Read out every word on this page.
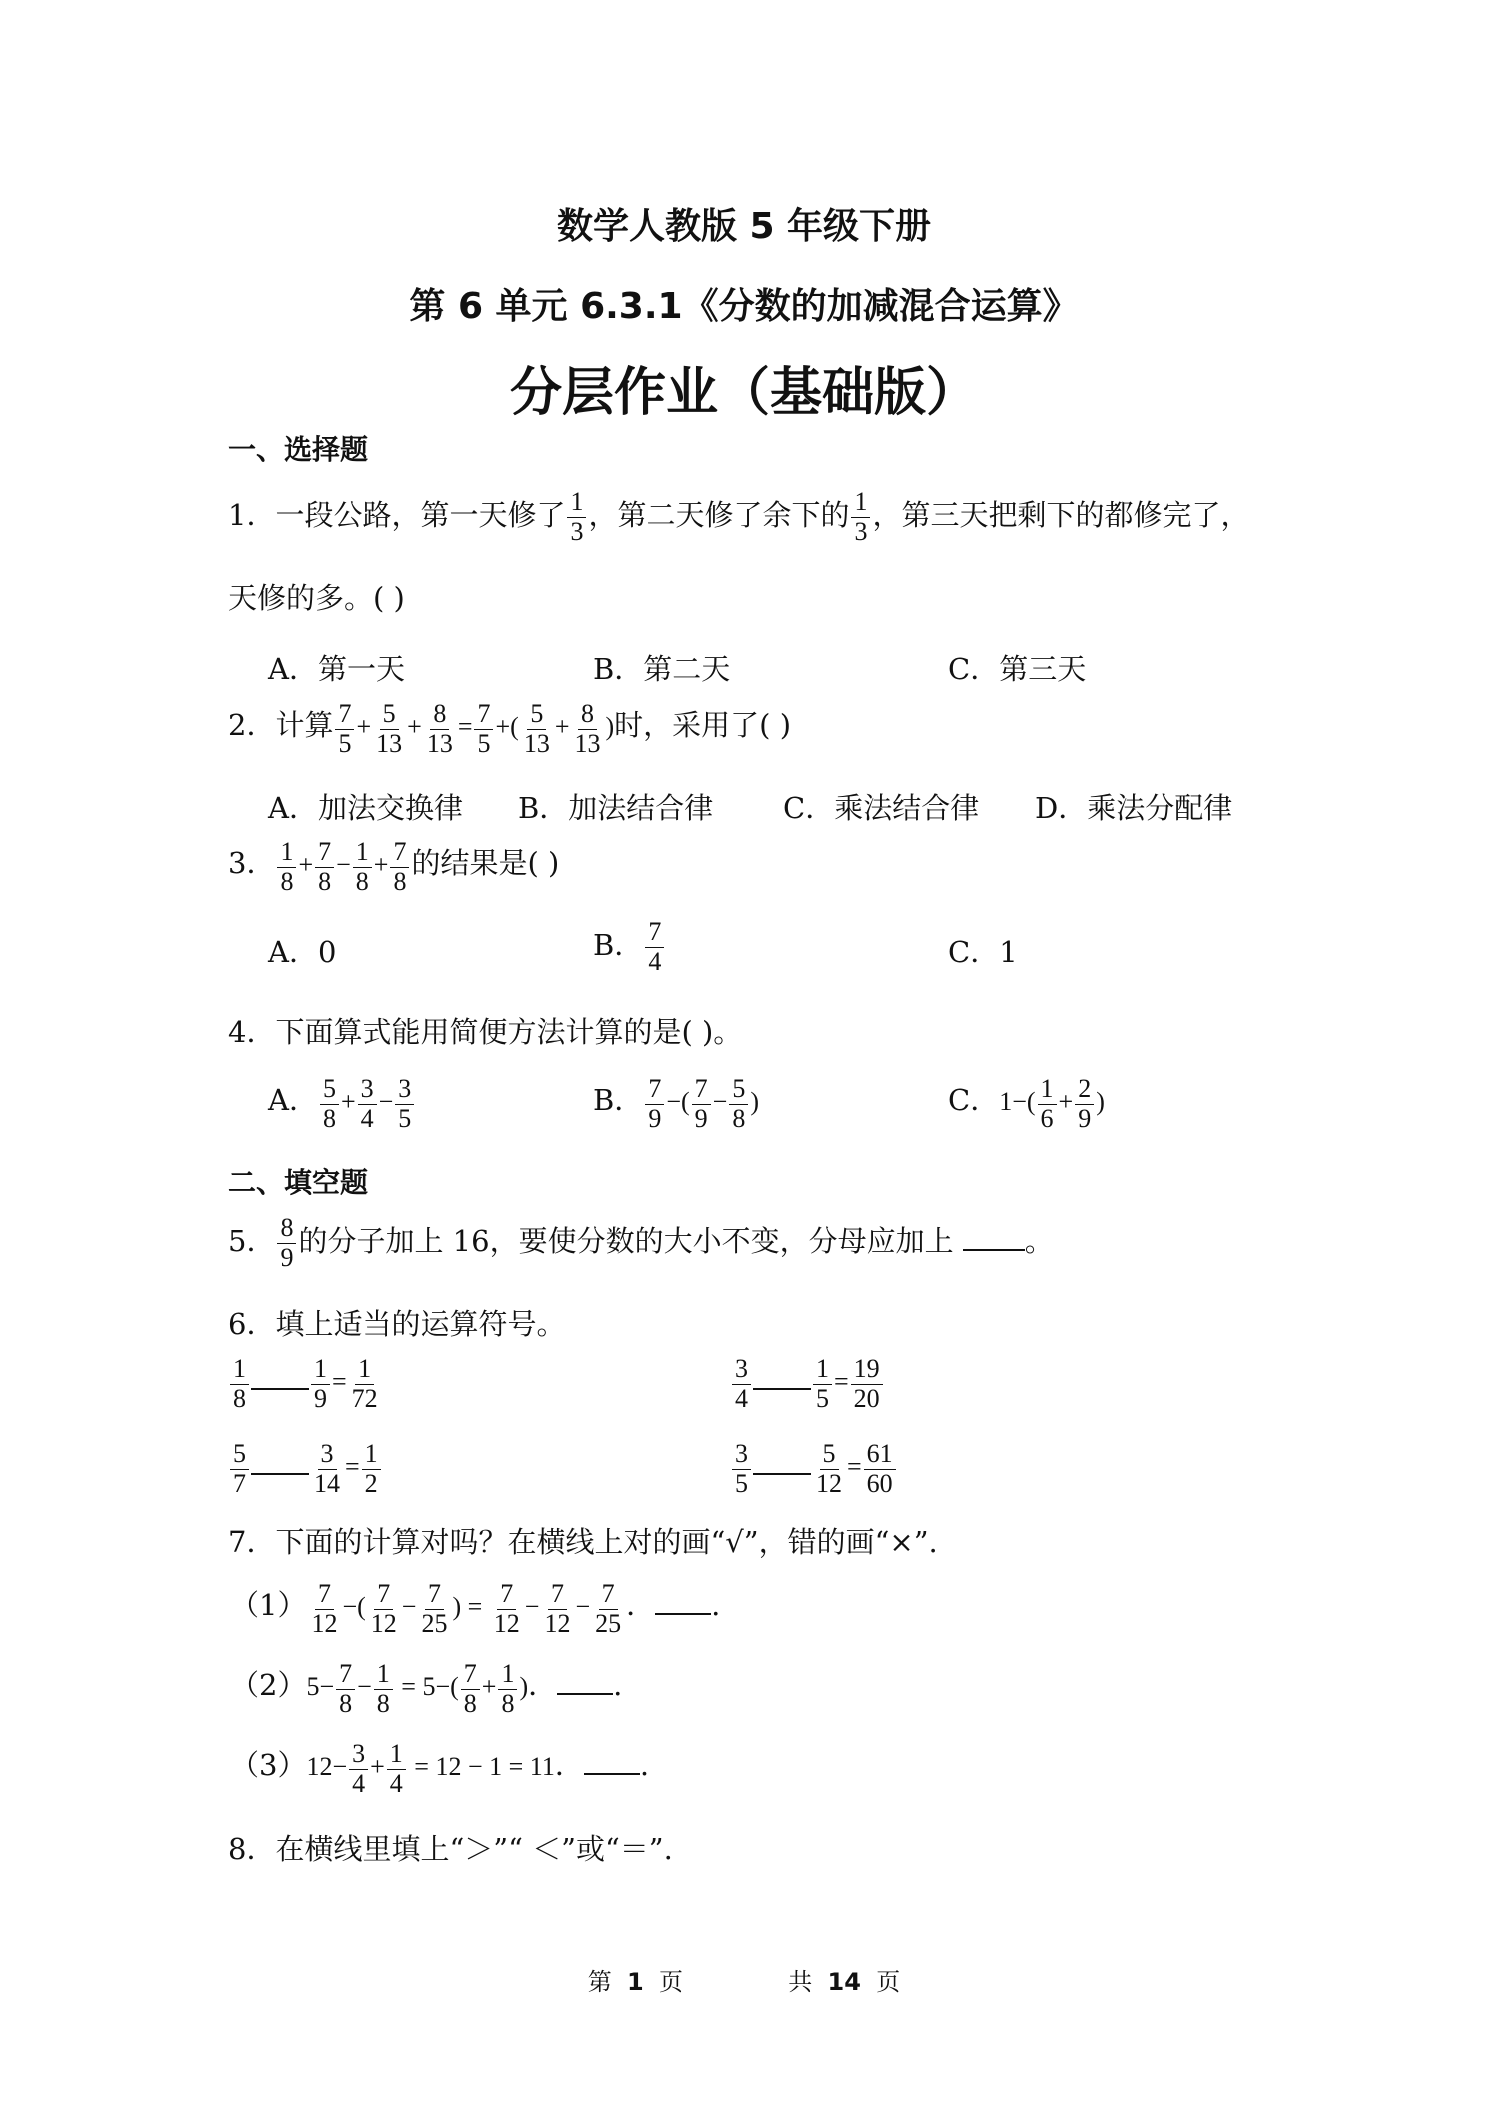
数学人教版 5 年级下册
第 6 单元 6.3.1《分数的加减混合运算》
分层作业（基础版）
一、选择题
1．一段公路，第一天修了 $\frac{1}{3}$ ，第二天修了余下的 $\frac{1}{3}$ ，第三天把剩下的都修完了，
天修的多。( )
A．第一天	B．第二天	C．第三天
2．计算 $\frac{7}{5} + \frac{5}{13} + \frac{8}{13} = \frac{7}{5}$ +( $\frac{5}{13} + \frac{8}{13}$ )时，采用了( )
A．加法交换律 B．加法结合律 C．乘法结合律 D．乘法分配律
3． $\frac{1}{8} + \frac{7}{8} - \frac{1}{8} + \frac{7}{8}$ 的结果是( )
A．0	B． $\frac{7}{4}$	C．1
4．下面算式能用简便方法计算的是( )。
A． $\frac{5}{8} + \frac{3}{4} - \frac{3}{5}$	B． $\frac{7}{9}$ −( $\frac{7}{9} - \frac{5}{8}$ )	C．$1-( \frac{1}{6} + \frac{2}{9}$ )
二、填空题
5． $\frac{8}{9}$ 的分子加上 16，要使分数的大小不变，分母应加上 。
6．填上适当的运算符号。
$\frac{1}{8} \frac{1}{9} = \frac{1}{72}$	$\frac{3}{4} \frac{1}{5} = \frac{19}{20}$
$\frac{5}{7} \frac{3}{14} = \frac{1}{2}$	$\frac{3}{5} \frac{5}{12} = \frac{61}{60}$
7．下面的计算对吗？在横线上对的画“√”，错的画“×”.
$(1) \frac{7}{12}$ −( $\frac{7}{12} - \frac{7}{25}$ ) = $\frac{7}{12} - \frac{7}{12} - \frac{7}{25}$ ． .
$(2)5- \frac{7}{8} - \frac{1}{8} = 5-( \frac{7}{8} + \frac{1}{8}$ )． .
$(3)12- \frac{3}{4} + \frac{1}{4} = 12 - 1 = 11$． .
8．在横线里填上“＞”“ ＜”或“＝”.
第 1 页	共 14 页
